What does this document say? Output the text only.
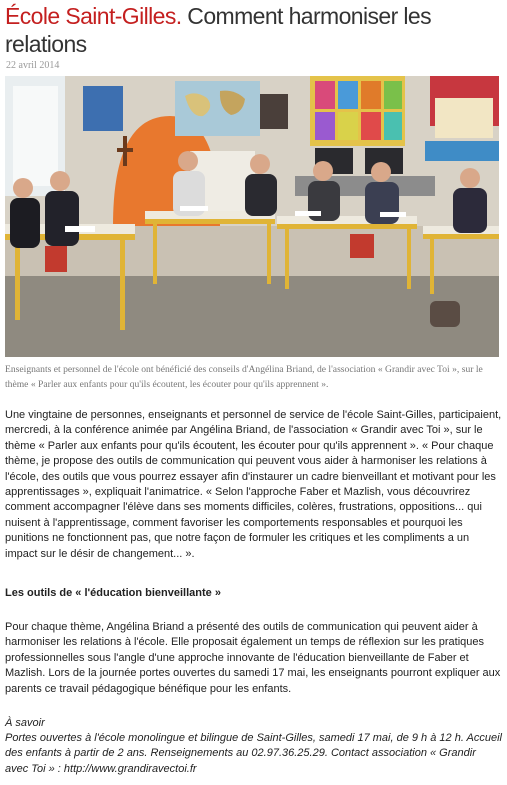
École Saint-Gilles. Comment harmoniser les relations
22 avril 2014
Enseignants et personnel de l'école ont bénéficié des conseils d'Angélina Briand, de l'association « Grandir avec Toi », sur le thème « Parler aux enfants pour qu'ils écoutent, les écouter pour qu'ils apprennent ».

Une vingtaine de personnes, enseignants et personnel de service de l'école Saint-Gilles, participaient, mercredi, à la conférence animée par Angélina Briand, de l'association « Grandir avec Toi », sur le thème « Parler aux enfants pour qu'ils écoutent, les écouter pour qu'ils apprennent ». « Pour chaque thème, je propose des outils de communication qui peuvent vous aider à harmoniser les relations à l'école, des outils que vous pourrez essayer afin d'instaurer un cadre bienveillant et motivant pour les apprentissages », expliquait l'animatrice. « Selon l'approche Faber et Mazlish, vous découvrirez comment accompagner l'élève dans ses moments difficiles, colères, frustrations, oppositions... qui nuisent à l'apprentissage, comment favoriser les comportements responsables et pourquoi les punitions ne fonctionnent pas, que notre façon de formuler les critiques et les compliments a un impact sur le désir de changement... ».

Les outils de « l'éducation bienveillante »

Pour chaque thème, Angélina Briand a présenté des outils de communication qui peuvent aider à harmoniser les relations à l'école. Elle proposait également un temps de réflexion sur les pratiques professionnelles sous l'angle d'une approche innovante de l'éducation bienveillante de Faber et Mazlish. Lors de la journée portes ouvertes du samedi 17 mai, les enseignants pourront expliquer aux parents ce travail pédagogique bénéfique pour les enfants.

À savoir

Portes ouvertes à l'école monolingue et bilingue de Saint-Gilles, samedi 17 mai, de 9 h à 12 h. Accueil des enfants à partir de 2 ans. Renseignements au 02.97.36.25.29. Contact association « Grandir avec Toi » : http://www.grandiravectoi.fr
